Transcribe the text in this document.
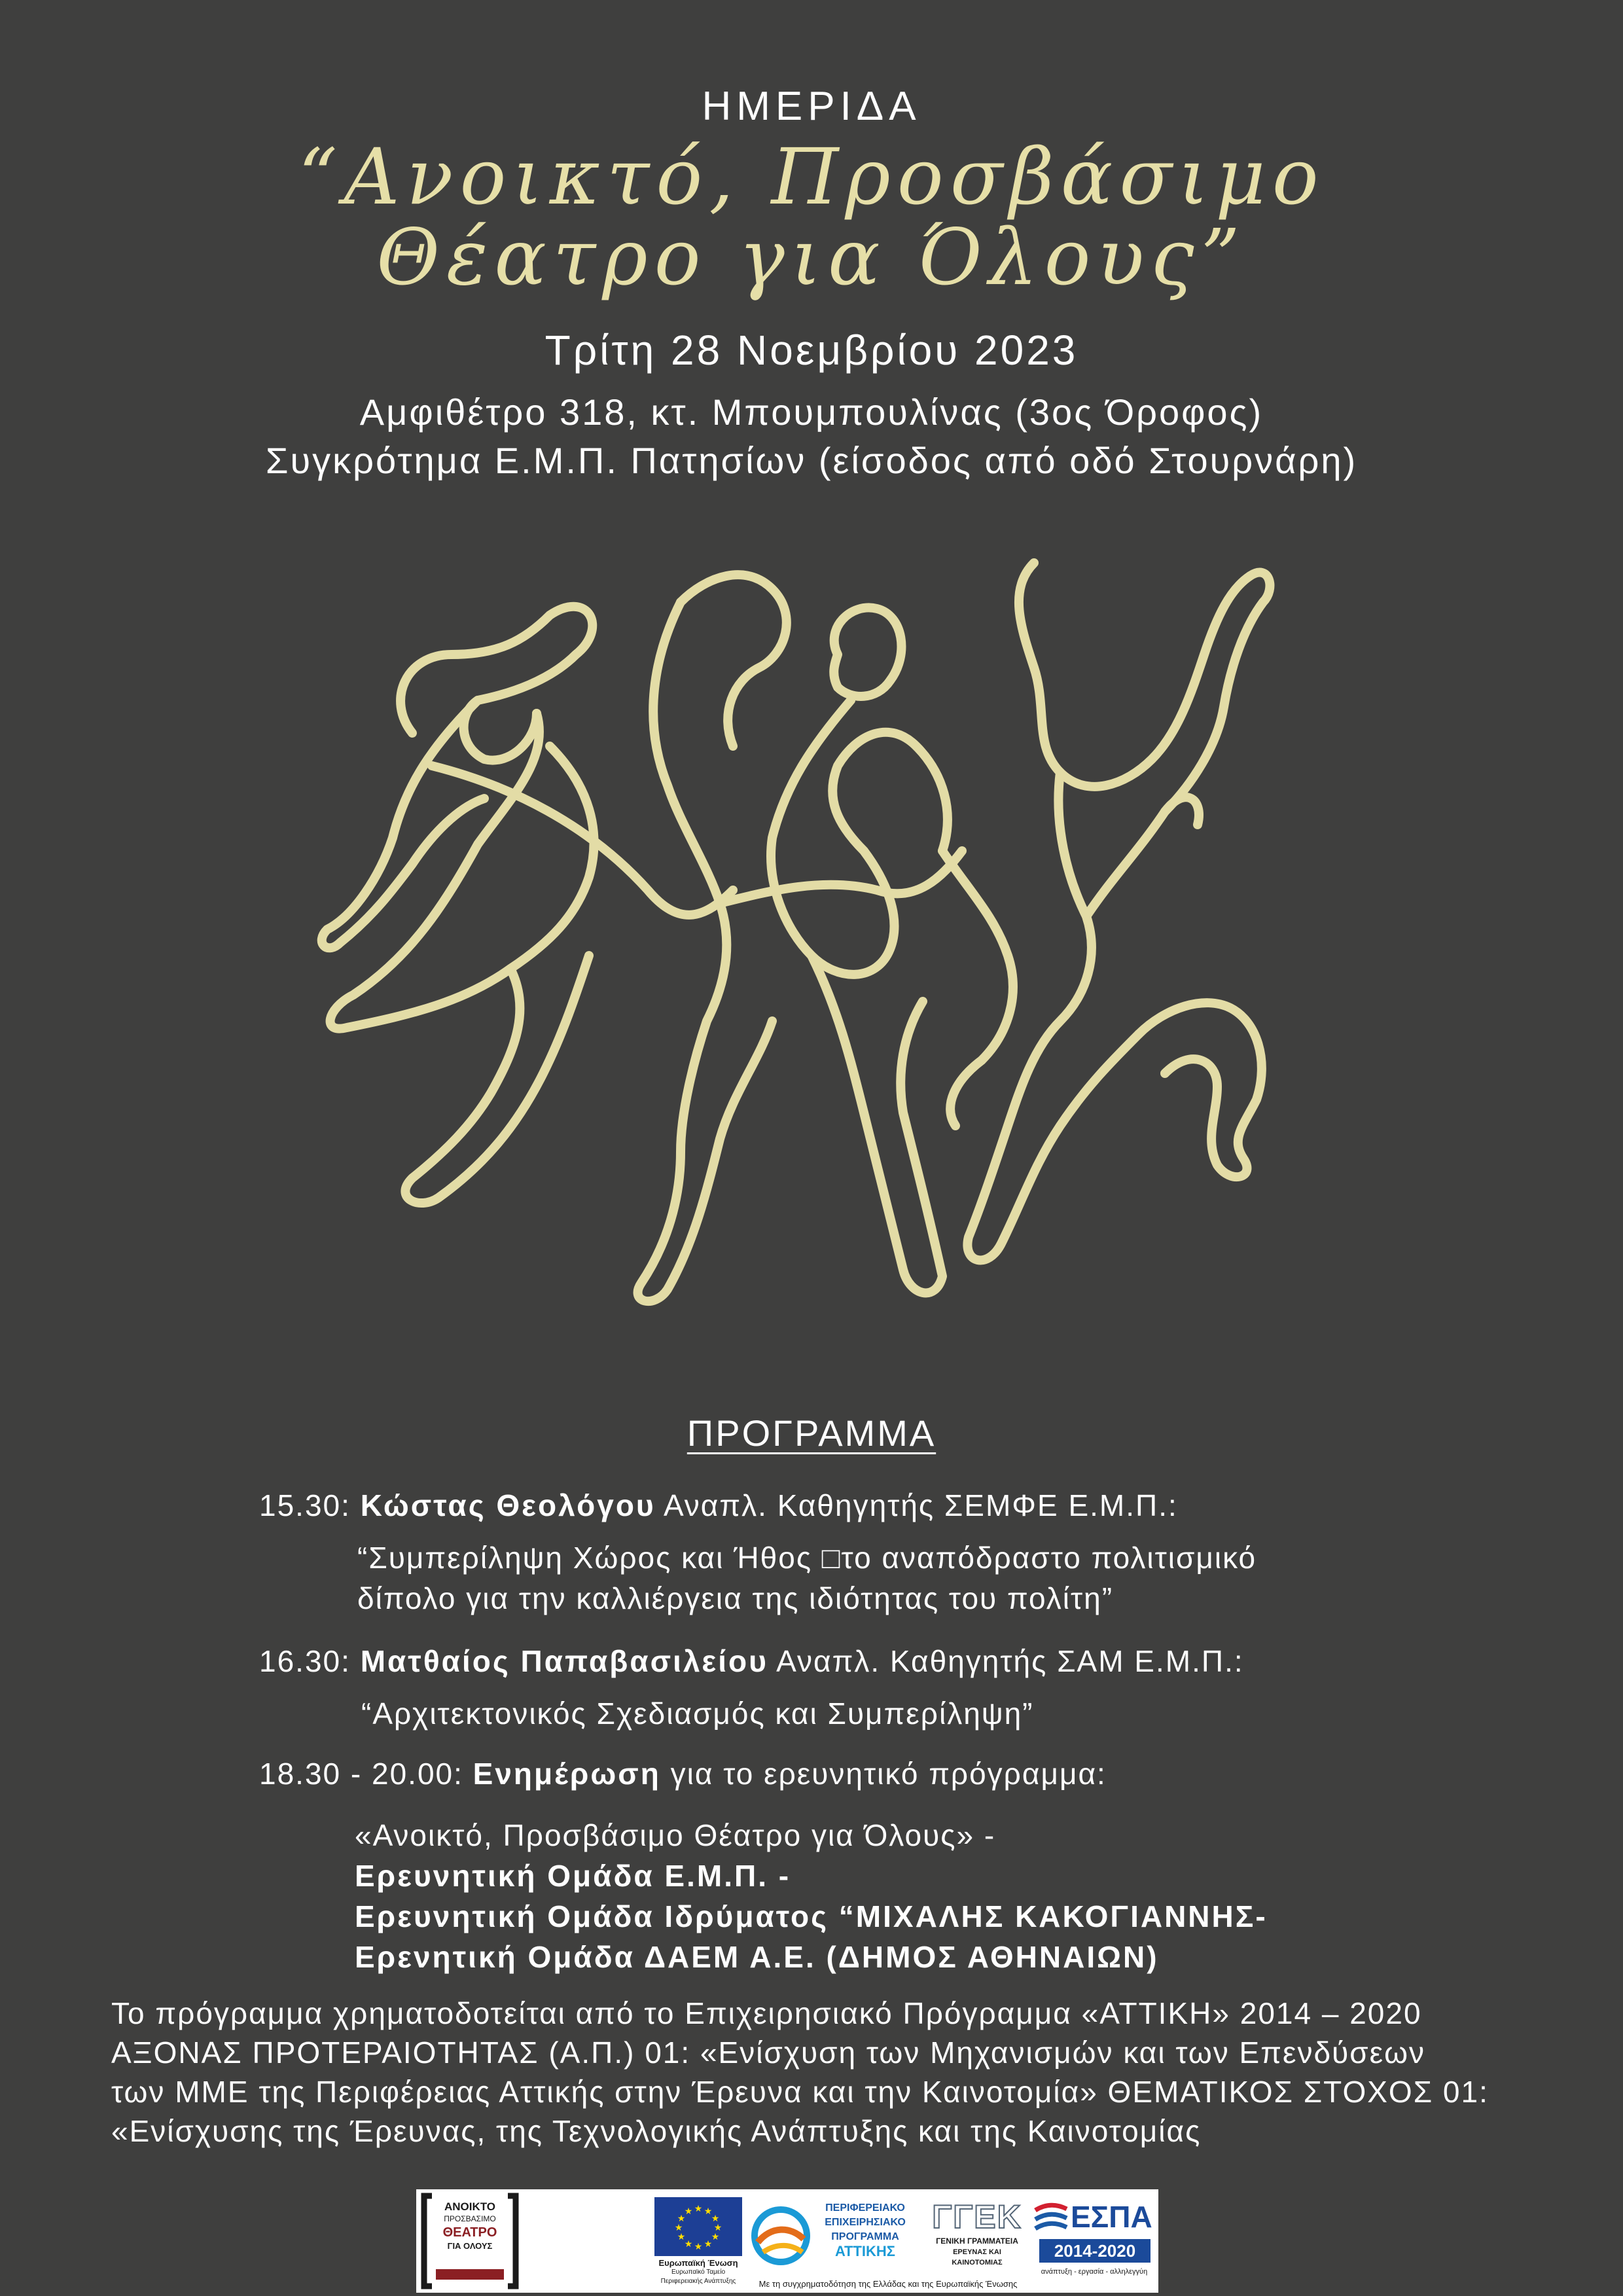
ΗΜΕΡΙΔΑ
“Ανοικτό, Προσβάσιμο
Θέατρο για Όλους”
Τρίτη 28 Νοεμβρίου 2023
Αμφιθέτρο 318, κτ. Μπουμπουλίνας (3ος Όροφος)
Συγκρότημα Ε.Μ.Π. Πατησίων (είσοδος από οδό Στουρνάρη)
ΠΡΟΓΡΑΜΜΑ
15.30: Κώστας Θεολόγου Αναπλ. Καθηγητής ΣΕΜΦΕ Ε.Μ.Π.:
“Συμπερίληψη Χώρος και Ήθος □το αναπόδραστο πολιτισμικό
δίπολο για την καλλιέργεια της ιδιότητας του πολίτη”
16.30: Ματθαίος Παπαβασιλείου Αναπλ. Καθηγητής ΣΑΜ Ε.Μ.Π.:
“Αρχιτεκτονικός Σχεδιασμός και Συμπερίληψη”
18.30 - 20.00: Ενημέρωση για το ερευνητικό πρόγραμμα:
«Ανοικτό, Προσβάσιμο Θέατρο για Όλους» -
Ερευνητική Ομάδα Ε.Μ.Π. -
Ερευνητική Ομάδα Ιδρύματος “ΜΙΧΑΛΗΣ ΚΑΚΟΓΙΑΝΝΗΣ-
Ερενητική Ομάδα ΔΑΕΜ Α.Ε. (ΔΗΜΟΣ ΑΘΗΝΑΙΩΝ)
Το πρόγραμμα χρηματοδοτείται από το Επιχειρησιακό Πρόγραμμα «ΑΤΤΙΚΗ» 2014 – 2020
ΑΞΟΝΑΣ ΠΡΟΤΕΡΑΙΟΤΗΤΑΣ (Α.Π.) 01: «Ενίσχυση των Μηχανισμών και των Επενδύσεων
των ΜΜΕ της Περιφέρειας Αττικής στην Έρευνα και την Καινοτομία» ΘΕΜΑΤΙΚΟΣ ΣΤΟΧΟΣ 01:
«Ενίσχυσης της Έρευνας, της Τεχνολογικής Ανάπτυξης και της Καινοτομίας
ΑΝΟΙΚΤΟ
ΠΡΟΣΒΑΣΙΜΟ
ΘΕΑΤΡΟ
ΓΙΑ ΟΛΟΥΣ
★ ★
★
★
★
★
★
★
★
★
★
★
Ευρωπαϊκή Ένωση
Ευρωπαϊκό Ταμείο
Περιφερειακής Ανάπτυξης
ΠΕΡΙΦΕΡΕΙΑΚΟ
ΕΠΙΧΕΙΡΗΣΙΑΚΟ
ΠΡΟΓΡΑΜΜΑ
ΑΤΤΙΚΗΣ
Με τη συγχρηματοδότηση της Ελλάδας και της Ευρωπαϊκής Ένωσης
ΓΓΕΚ
ΓΕΝΙΚΗ ΓΡΑΜΜΑΤΕΙΑ
ΕΡΕΥΝΑΣ ΚΑΙ ΚΑΙΝΟΤΟΜΙΑΣ
ΕΣΠΑ
2014-2020
ανάπτυξη - εργασία - αλληλεγγύη
